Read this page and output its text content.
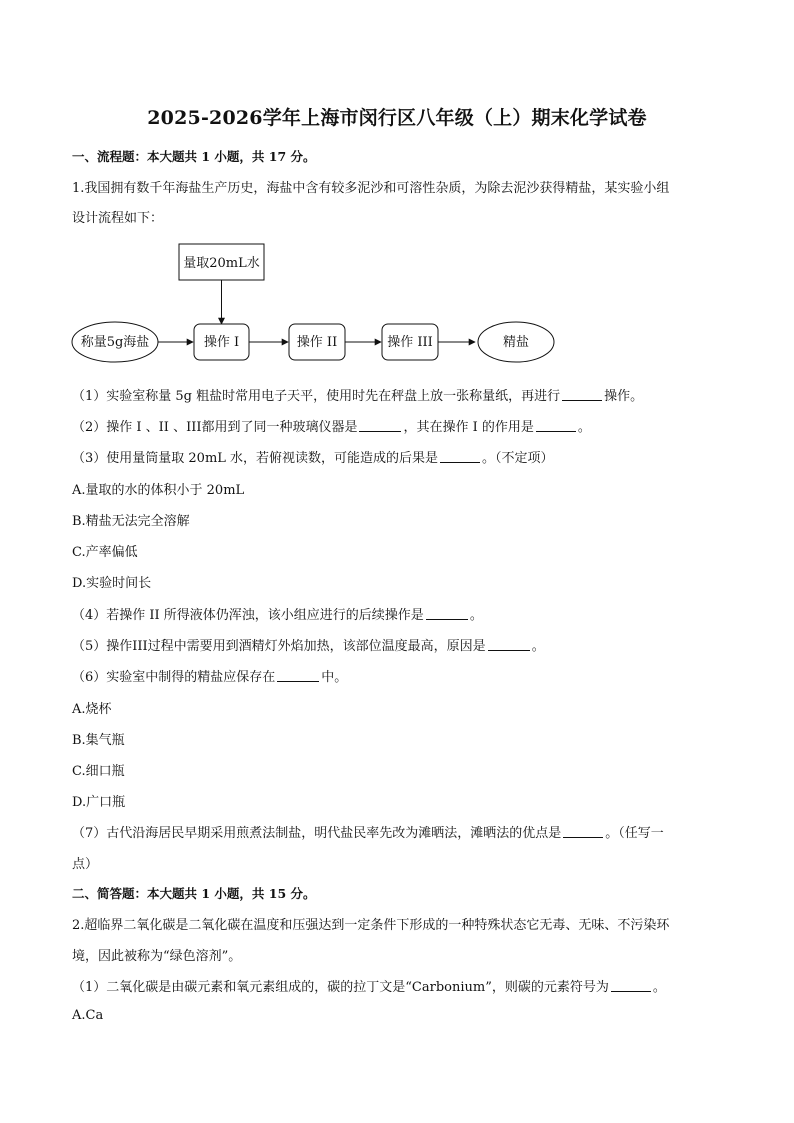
2025-2026学年上海市闵行区八年级（上）期末化学试卷
一、流程题：本大题共 1 小题，共 17 分。
1.我国拥有数千年海盐生产历史，海盐中含有较多泥沙和可溶性杂质，为除去泥沙获得精盐，某实验小组
设计流程如下：
量取20mL水
称量5g海盐	操作 I	操作 II	操作 III	精盐
（1）实验室称量 5g 粗盐时常用电子天平，使用时先在秤盘上放一张称量纸，再进行	操作。
（2）操作 I 、II 、III都用到了同一种玻璃仪器是	，其在操作 I 的作用是	。
（3）使用量筒量取 20mL 水，若俯视读数，可能造成的后果是	。（不定项）
A.量取的水的体积小于 20mL
B.精盐无法完全溶解
C.产率偏低
D.实验时间长
（4）若操作 II 所得液体仍浑浊，该小组应进行的后续操作是	。
（5）操作III过程中需要用到酒精灯外焰加热，该部位温度最高，原因是	。
（6）实验室中制得的精盐应保存在	中。
A.烧杯
B.集气瓶
C.细口瓶
D.广口瓶
（7）古代沿海居民早期采用煎煮法制盐，明代盐民率先改为滩晒法，滩晒法的优点是	。（任写一
点）
二、简答题：本大题共 1 小题，共 15 分。
2.超临界二氧化碳是二氧化碳在温度和压强达到一定条件下形成的一种特殊状态它无毒、无味、不污染环
境，因此被称为“绿色溶剂”。
（1）二氧化碳是由碳元素和氧元素组成的，碳的拉丁文是“Carbonium”，则碳的元素符号为	。
A.Ca
